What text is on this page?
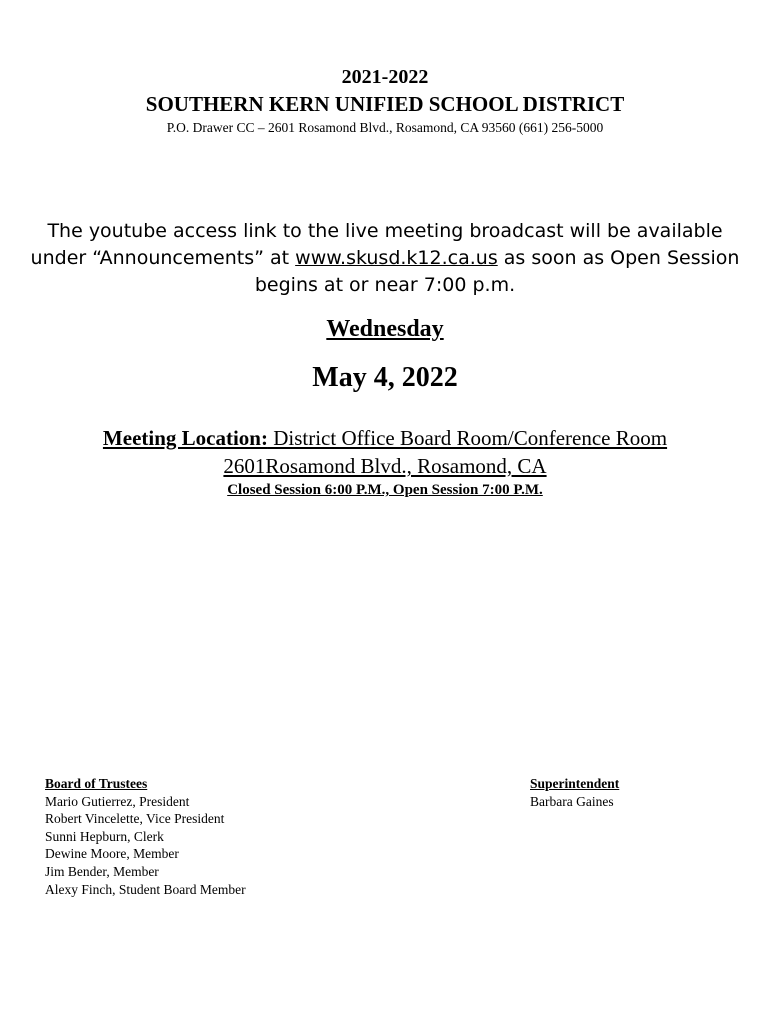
2021-2022
SOUTHERN KERN UNIFIED SCHOOL DISTRICT
P.O. Drawer CC – 2601 Rosamond Blvd., Rosamond, CA 93560 (661) 256-5000
The youtube access link to the live meeting broadcast will be available under “Announcements” at www.skusd.k12.ca.us as soon as Open Session begins at or near 7:00 p.m.
Wednesday
May 4, 2022
Meeting Location: District Office Board Room/Conference Room
2601Rosamond Blvd., Rosamond, CA
Closed Session 6:00 P.M., Open Session 7:00 P.M.
Board of Trustees
Mario Gutierrez, President
Robert Vincelette, Vice President
Sunni Hepburn, Clerk
Dewine Moore, Member
Jim Bender, Member
Alexy Finch, Student Board Member
Superintendent
Barbara Gaines
